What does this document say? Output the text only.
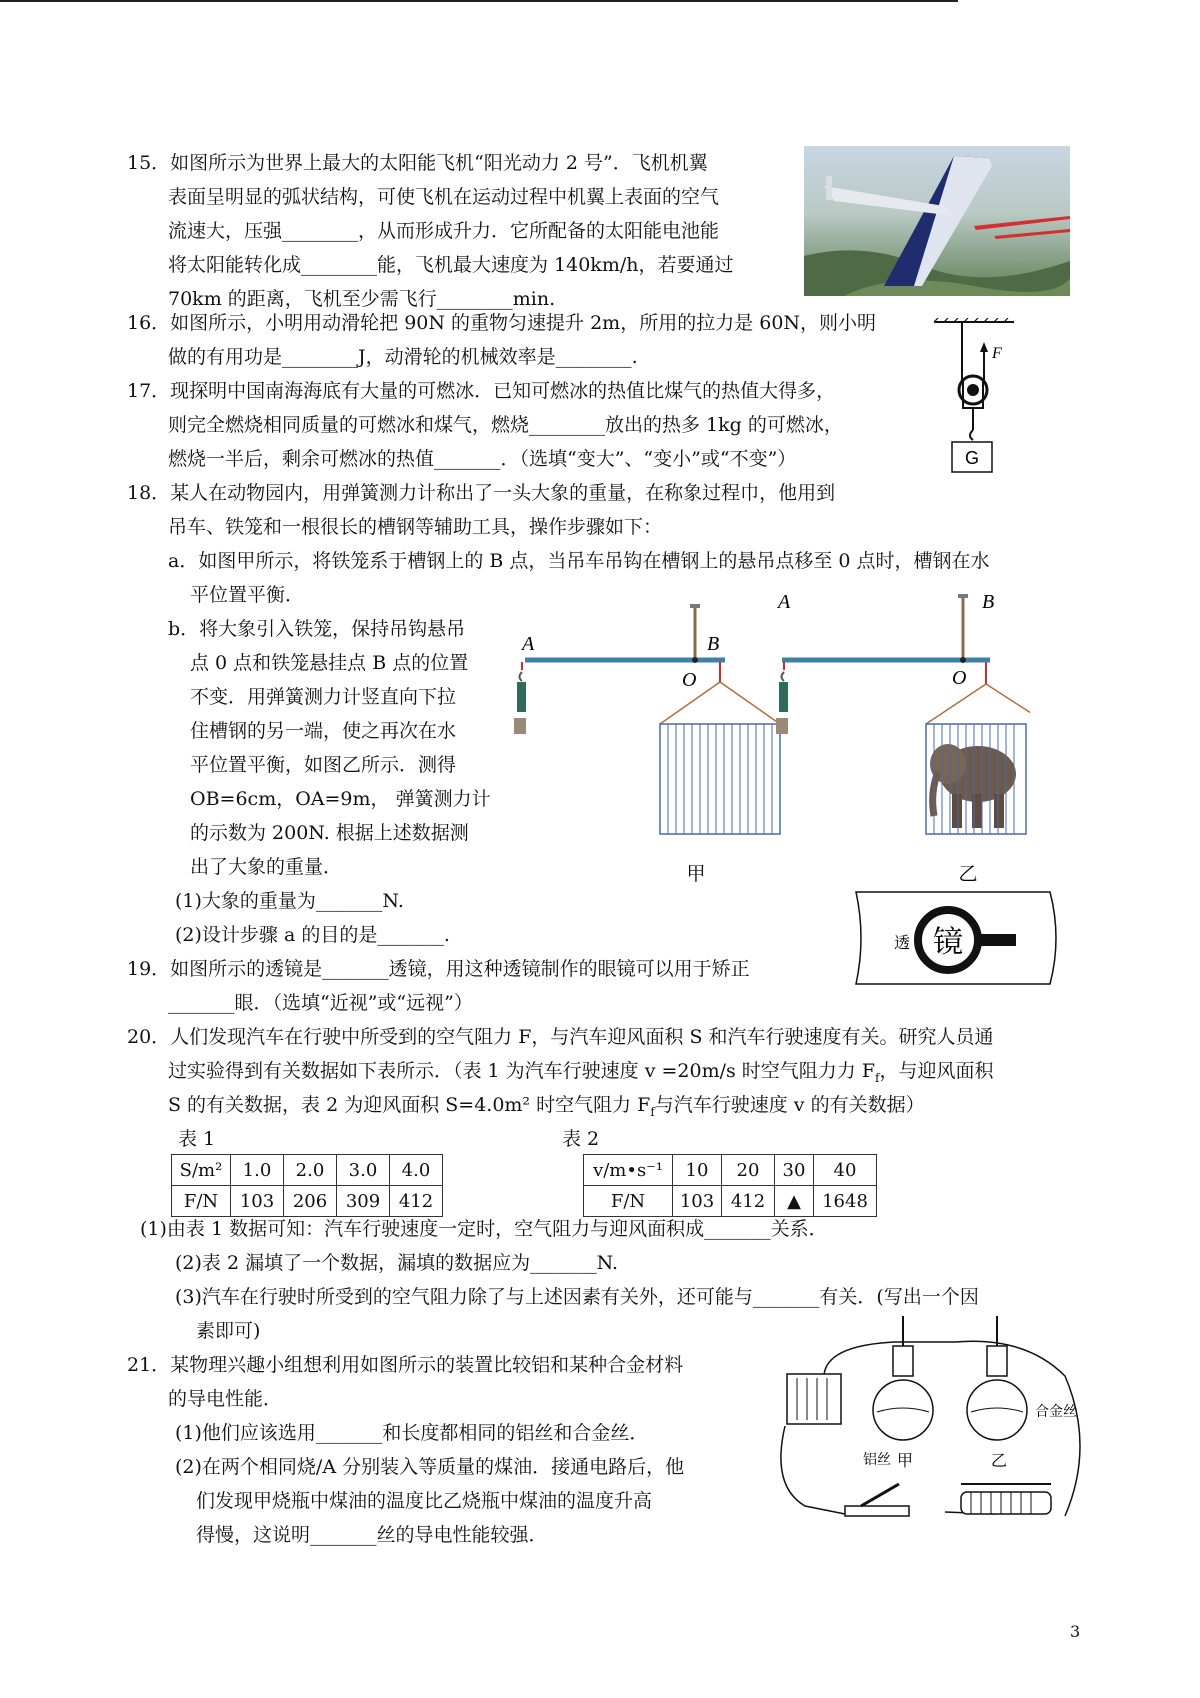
15．如图所示为世界上最大的太阳能飞机“阳光动力 2 号”．飞机机翼
表面呈明显的弧状结构，可使飞机在运动过程中机翼上表面的空气
流速大，压强________，从而形成升力．它所配备的太阳能电池能
将太阳能转化成________能，飞机最大速度为 140km/h，若要通过
70km 的距离，飞机至少需飞行________min.
16．如图所示，小明用动滑轮把 90N 的重物匀速提升 2m，所用的拉力是 60N，则小明
做的有用功是________J，动滑轮的机械效率是________.
G
F
17．现探明中国南海海底有大量的可燃冰．已知可燃冰的热值比煤气的热值大得多，
则完全燃烧相同质量的可燃冰和煤气，燃烧________放出的热多 1kg 的可燃冰，
燃烧一半后，剩余可燃冰的热值_______．（选填“变大”、“变小”或“不变”）
18．某人在动物园内，用弹簧测力计称出了一头大象的重量，在称象过程巾，他用到
吊车、铁笼和一根很长的槽钢等辅助工具，操作步骤如下：
a．如图甲所示，将铁笼系于槽钢上的 B 点，当吊车吊钩在槽钢上的悬吊点移至 0 点时，槽钢在水
平位置平衡．
b．将大象引入铁笼，保持吊钩悬吊
点 0 点和铁笼悬挂点 B 点的位置
不变．用弹簧测力计竖直向下拉
住槽钢的另一端，使之再次在水
平位置平衡，如图乙所示．测得
OB=6cm，OA=9m， 弹簧测力计
的示数为 200N. 根据上述数据测
出了大象的重量．
(1)大象的重量为_______N.
(2)设计步骤 a 的目的是_______.
A	B
O
甲
A	B
O
乙
19．如图所示的透镜是_______透镜，用这种透镜制作的眼镜可以用于矫正
_______眼．（选填“近视”或“远视”）
透 镜
20．人们发现汽车在行驶中所受到的空气阻力 F，与汽车迎风面积 S 和汽车行驶速度有关。研究人员通
过实验得到有关数据如下表所示．（表 1 为汽车行驶速度 v =20m/s 时空气阻力力 $F_f$，与迎风面积
S 的有关数据，表 2 为迎风面积 S=4.0m² 时空气阻力 $F_f$与汽车行驶速度 v 的有关数据）
表 1
S/m²	1.0	2.0	3.0	4.0
F/N	103	206	309	412
表 2
v/m•s⁻¹	10	20	30	40
F/N	103	412	▲	1648
(1)由表 1 数据可知：汽车行驶速度一定时，空气阻力与迎风面积成_______关系．
(2)表 2 漏填了一个数据，漏填的数据应为_______N.
(3)汽车在行驶时所受到的空气阻力除了与上述因素有关外，还可能与_______有关．(写出一个因
素即可)
21．某物理兴趣小组想利用如图所示的装置比较铝和某种合金材料
的导电性能．
(1)他们应该选用_______和长度都相同的铝丝和合金丝．
(2)在两个相同烧/A 分别装入等质量的煤油．接通电路后，他
们发现甲烧瓶中煤油的温度比乙烧瓶中煤油的温度升高
得慢，这说明_______丝的导电性能较强．
铝丝
合金丝
甲	乙
3
